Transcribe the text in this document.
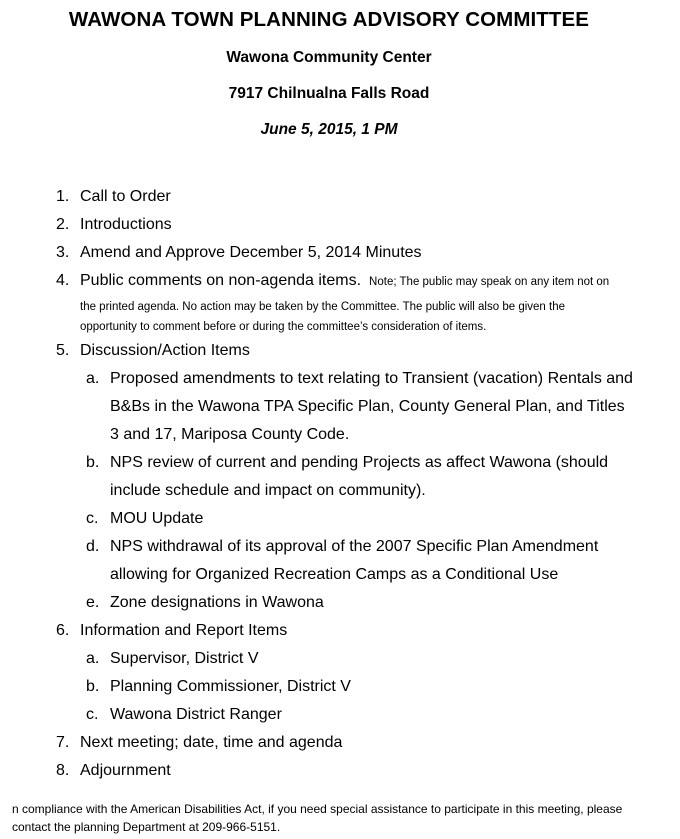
WAWONA TOWN PLANNING ADVISORY COMMITTEE
Wawona Community Center
7917 Chilnualna Falls Road
June 5, 2015, 1 PM
1. Call to Order
2. Introductions
3. Amend and Approve December 5, 2014 Minutes
4. Public comments on non-agenda items. Note; The public may speak on any item not on
the printed agenda. No action may be taken by the Committee. The public will also be given the
opportunity to comment before or during the committee’s consideration of items.
5. Discussion/Action Items
a. Proposed amendments to text relating to Transient (vacation) Rentals and
B&Bs in the Wawona TPA Specific Plan, County General Plan, and Titles
3 and 17, Mariposa County Code.
b. NPS review of current and pending Projects as affect Wawona (should
include schedule and impact on community).
c. MOU Update
d. NPS withdrawal of its approval of the 2007 Specific Plan Amendment
allowing for Organized Recreation Camps as a Conditional Use
e. Zone designations in Wawona
6. Information and Report Items
a. Supervisor, District V
b. Planning Commissioner, District V
c. Wawona District Ranger
7. Next meeting; date, time and agenda
8. Adjournment
n compliance with the American Disabilities Act, if you need special assistance to participate in this meeting, please
contact the planning Department at 209-966-5151.
